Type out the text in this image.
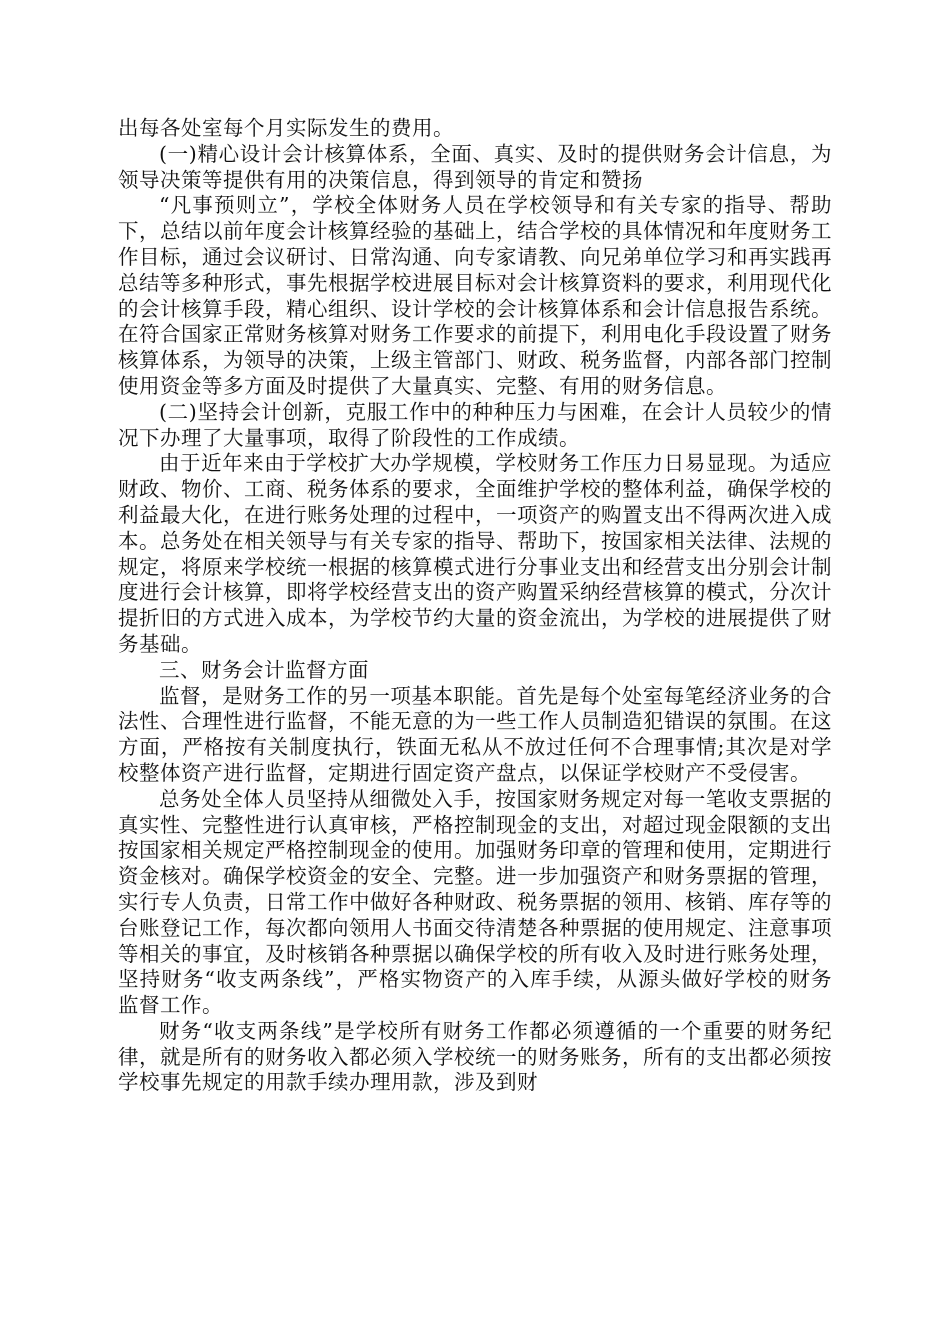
出每各处室每个月实际发生的费用。

(一)精心设计会计核算体系，全面、真实、及时的提供财务会计信息，为领导决策等提供有用的决策信息，得到领导的肯定和赞扬

“凡事预则立”，学校全体财务人员在学校领导和有关专家的指导、帮助下，总结以前年度会计核算经验的基础上，结合学校的具体情况和年度财务工作目标，通过会议研讨、日常沟通、向专家请教、向兄弟单位学习和再实践再总结等多种形式，事先根据学校进展目标对会计核算资料的要求，利用现代化的会计核算手段，精心组织、设计学校的会计核算体系和会计信息报告系统。在符合国家正常财务核算对财务工作要求的前提下，利用电化手段设置了财务核算体系，为领导的决策，上级主管部门、财政、税务监督，内部各部门控制使用资金等多方面及时提供了大量真实、完整、有用的财务信息。

(二)坚持会计创新，克服工作中的种种压力与困难，在会计人员较少的情况下办理了大量事项，取得了阶段性的工作成绩。

由于近年来由于学校扩大办学规模，学校财务工作压力日易显现。为适应财政、物价、工商、税务体系的要求，全面维护学校的整体利益，确保学校的利益最大化，在进行账务处理的过程中，一项资产的购置支出不得两次进入成本。总务处在相关领导与有关专家的指导、帮助下，按国家相关法律、法规的规定，将原来学校统一根据的核算模式进行分事业支出和经营支出分别会计制度进行会计核算，即将学校经营支出的资产购置采纳经营核算的模式，分次计提折旧的方式进入成本，为学校节约大量的资金流出，为学校的进展提供了财务基础。

三、财务会计监督方面

监督，是财务工作的另一项基本职能。首先是每个处室每笔经济业务的合法性、合理性进行监督，不能无意的为一些工作人员制造犯错误的氛围。在这方面，严格按有关制度执行，铁面无私从不放过任何不合理事情;其次是对学校整体资产进行监督，定期进行固定资产盘点，以保证学校财产不受侵害。

总务处全体人员坚持从细微处入手，按国家财务规定对每一笔收支票据的真实性、完整性进行认真审核，严格控制现金的支出，对超过现金限额的支出按国家相关规定严格控制现金的使用。加强财务印章的管理和使用，定期进行资金核对。确保学校资金的安全、完整。进一步加强资产和财务票据的管理，实行专人负责，日常工作中做好各种财政、税务票据的领用、核销、库存等的台账登记工作，每次都向领用人书面交待清楚各种票据的使用规定、注意事项等相关的事宜，及时核销各种票据以确保学校的所有收入及时进行账务处理，坚持财务“收支两条线”，严格实物资产的入库手续，从源头做好学校的财务监督工作。

财务“收支两条线”是学校所有财务工作都必须遵循的一个重要的财务纪律，就是所有的财务收入都必须入学校统一的财务账务，所有的支出都必须按学校事先规定的用款手续办理用款，涉及到财
